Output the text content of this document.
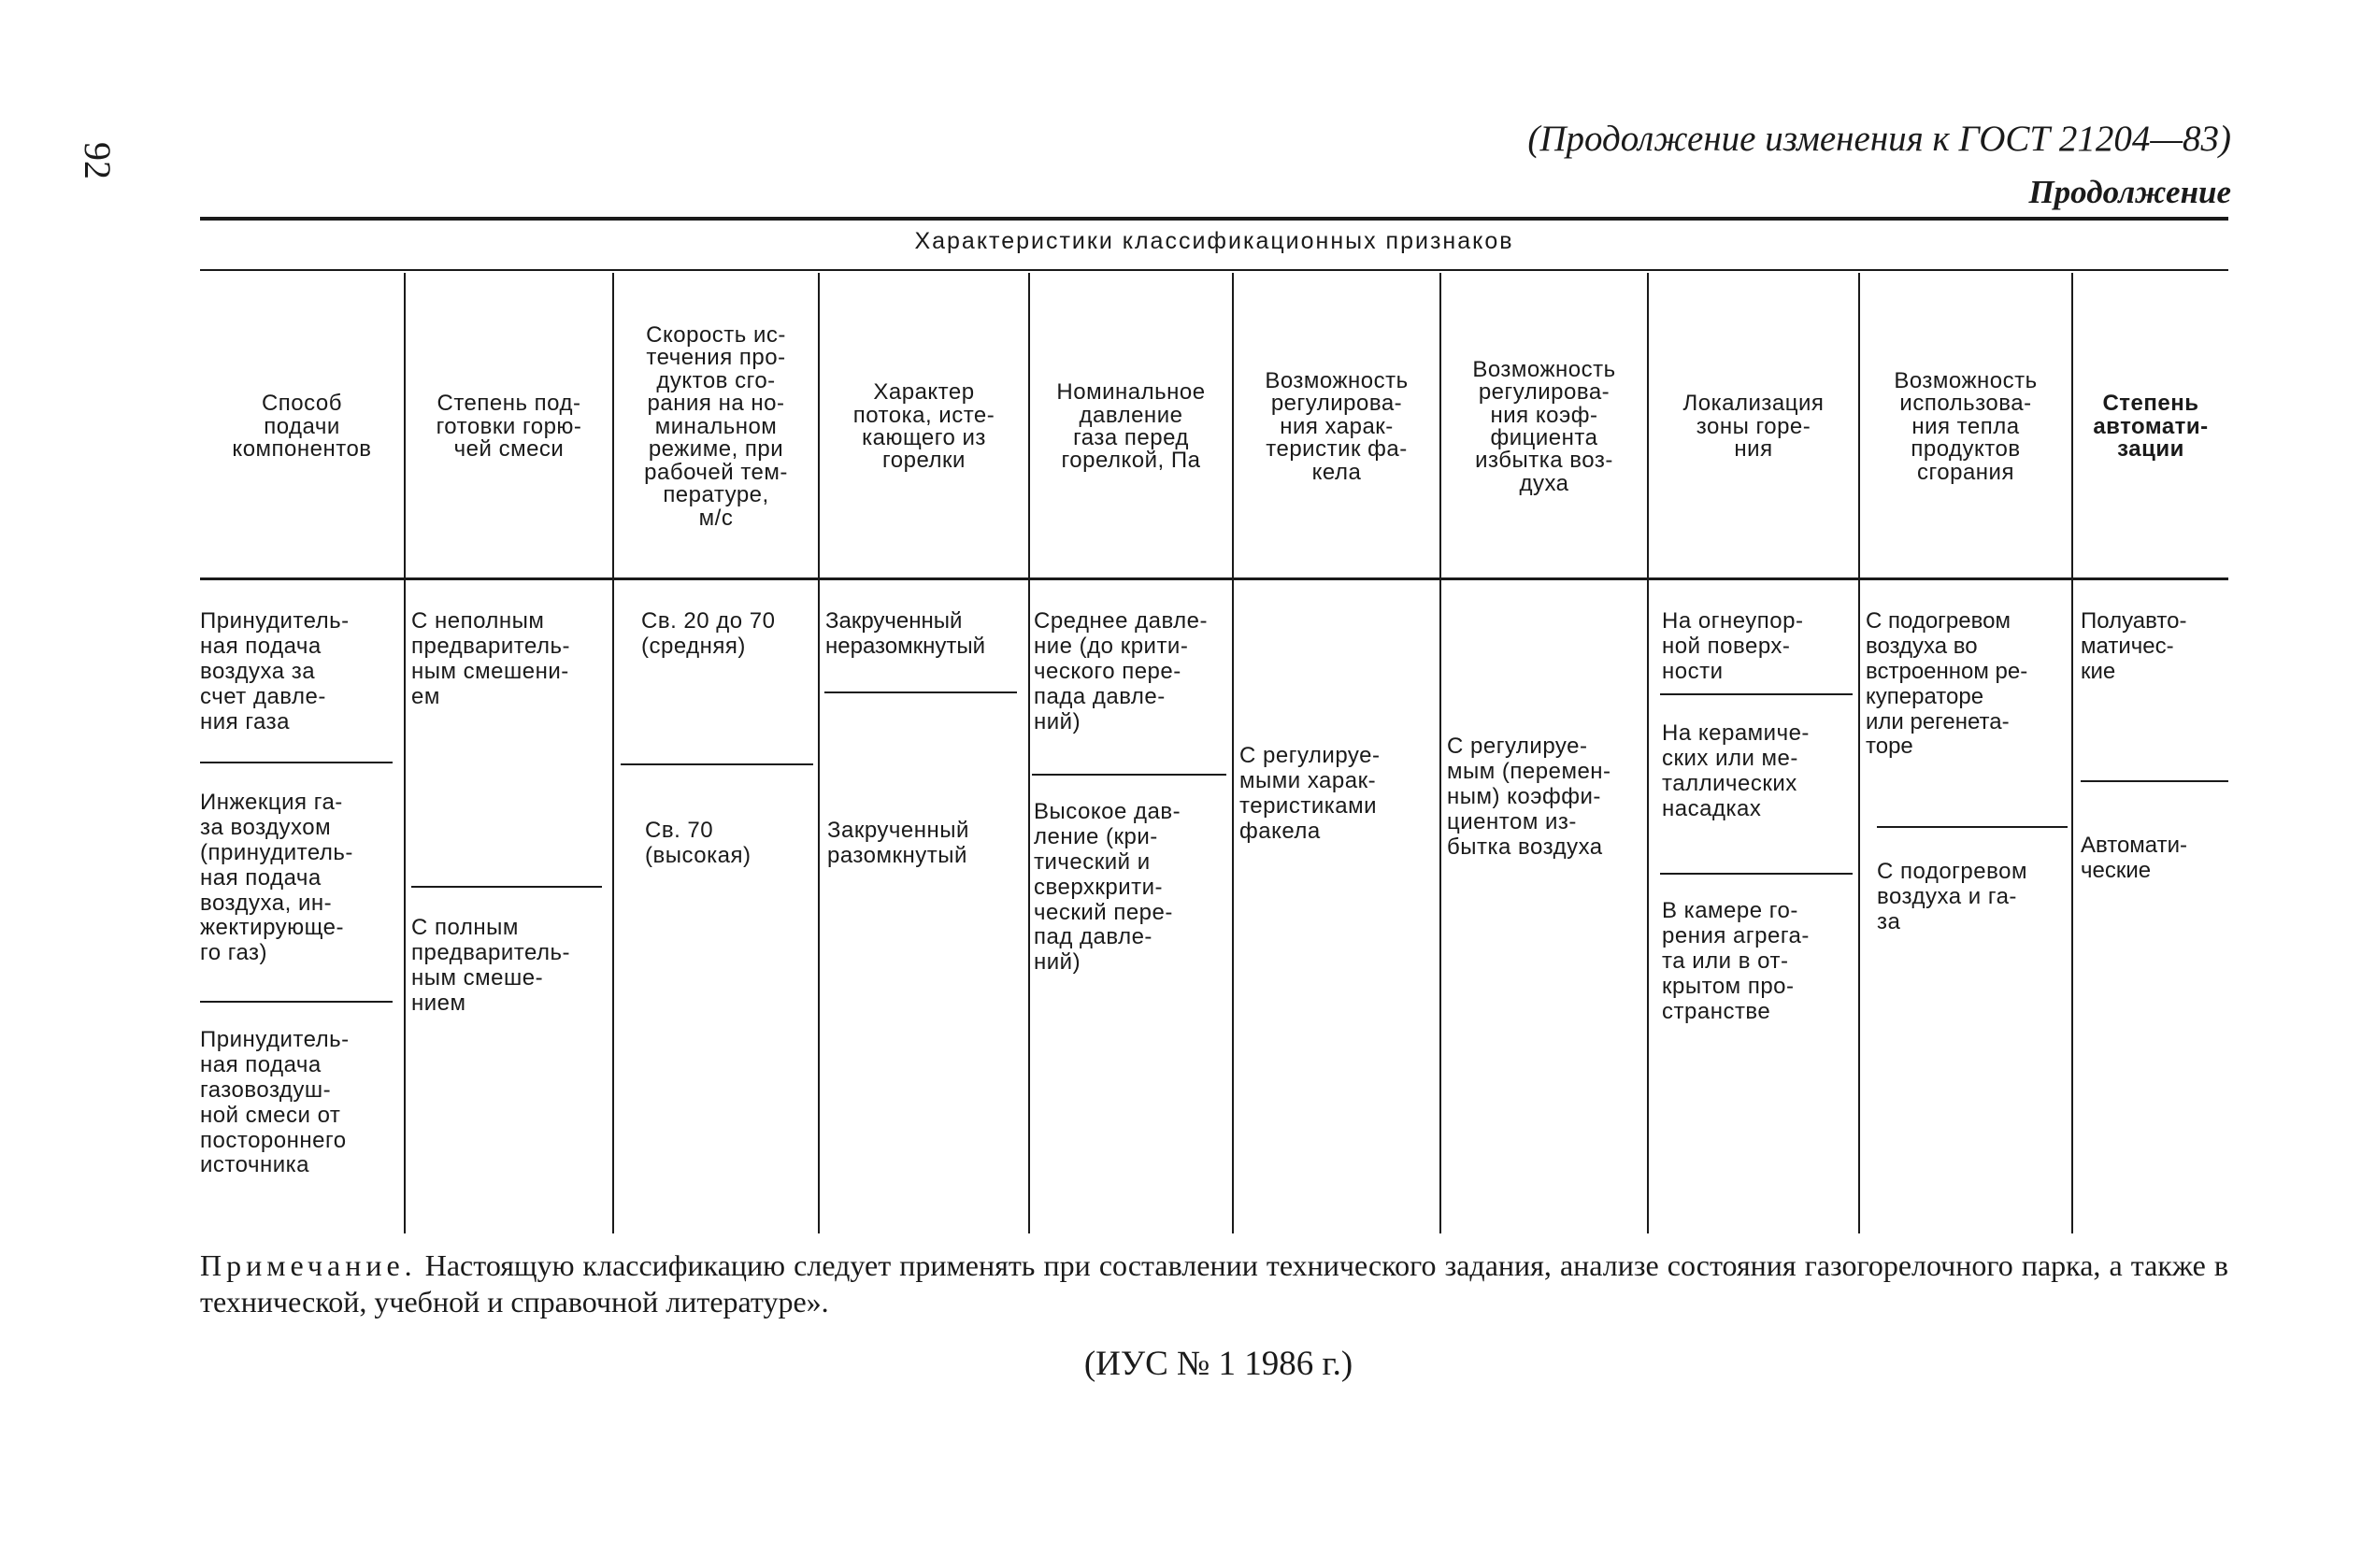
92
(Продолжение изменения к ГОСТ 21204—83)
Продолжение
Характеристики классификационных признаков
Способ
подачи
компонентов
Степень под-
готовки горю-
чей смеси
Скорость ис-
течения про-
дуктов сго-
рания на но-
минальном
режиме, при
рабочей тем-
пературе,
м/с
Характер
потока, исте-
кающего из
горелки
Номинальное
давление
газа перед
горелкой, Па
Возможность
регулирова-
ния харак-
теристик фа-
кела
Возможность
регулирова-
ния коэф-
фициента
избытка воз-
духа
Локализация
зоны горе-
ния
Возможность
использова-
ния тепла
продуктов
сгорания
Степень
автомати-
зации
Принудитель-
ная подача
воздуха за
счет давле-
ния газа
Инжекция га-
за воздухом
(принудитель-
ная подача
воздуха, ин-
жектирующе-
го газ)
Принудитель-
ная подача
газовоздуш-
ной смеси от
постороннего
источника
С неполным
предваритель-
ным смешени-
ем
С полным
предваритель-
ным смеше-
нием
Св. 20 до 70
(средняя)
Св. 70
(высокая)
Закрученный
неразомкнутый
Закрученный
разомкнутый
Среднее давле-
ние (до крити-
ческого пере-
пада давле-
ний)
Высокое дав-
ление (кри-
тический и
сверхкрити-
ческий пере-
пад давле-
ний)
С регулируе-
мыми харак-
теристиками
факела
С регулируе-
мым (перемен-
ным) коэффи-
циентом из-
бытка воздуха
На огнеупор-
ной поверх-
ности
На керамиче-
ских или ме-
таллических
насадках
В камере го-
рения агрега-
та или в от-
крытом про-
странстве
С подогревом
воздуха во
встроенном ре-
куператоре
или регенета-
торе
С подогревом
воздуха и га-
за
Полуавто-
матичес-
кие
Автомати-
ческие
Примечание. Настоящую классификацию следует применять при составлении технического задания, анализе состояния газогорелочного парка, а также в технической, учебной и справочной литературе».
(ИУС № 1 1986 г.)
